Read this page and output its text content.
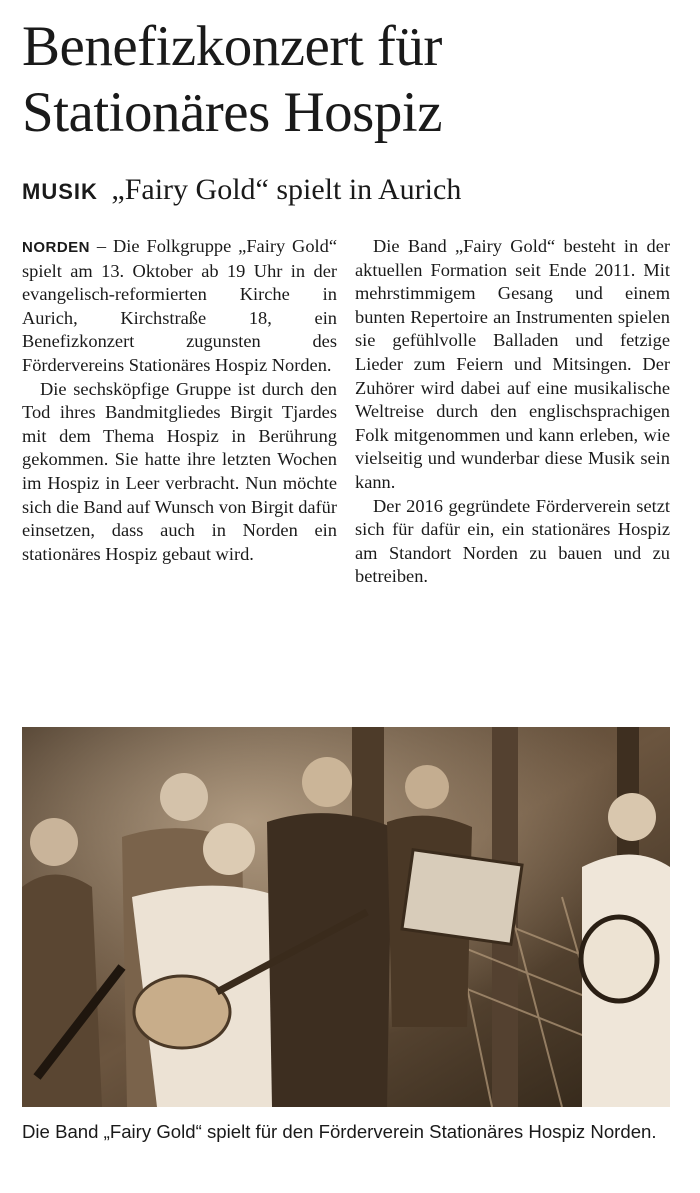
Benefizkonzert für
Stationäres Hospiz
MUSIK „Fairy Gold“ spielt in Aurich

NORDEN – Die Folkgruppe „Fairy Gold“ spielt am 13. Oktober ab 19 Uhr in der evangelisch-reformierten Kirche in Aurich, Kirchstraße 18, ein Benefizkonzert zugunsten des Fördervereins Stationäres Hospiz Norden.

Die sechsköpfige Gruppe ist durch den Tod ihres Bandmitgliedes Birgit Tjardes mit dem Thema Hospiz in Berührung gekommen. Sie hatte ihre letzten Wochen im Hospiz in Leer verbracht. Nun möchte sich die Band auf Wunsch von Birgit dafür einsetzen, dass auch in Norden ein stationäres Hospiz gebaut wird.

Die Band „Fairy Gold“ besteht in der aktuellen Formation seit Ende 2011. Mit mehrstimmigem Gesang und einem bunten Repertoire an Instrumenten spielen sie gefühlvolle Balladen und fetzige Lieder zum Feiern und Mitsingen. Der Zuhörer wird dabei auf eine musikalische Weltreise durch den englischsprachigen Folk mitgenommen und kann erleben, wie vielseitig und wunderbar diese Musik sein kann.

Der 2016 gegründete Förderverein setzt sich für dafür ein, ein stationäres Hospiz am Standort Norden zu bauen und zu betreiben.

Die Band „Fairy Gold“ spielt für den Förderverein Stationäres Hospiz Norden.
